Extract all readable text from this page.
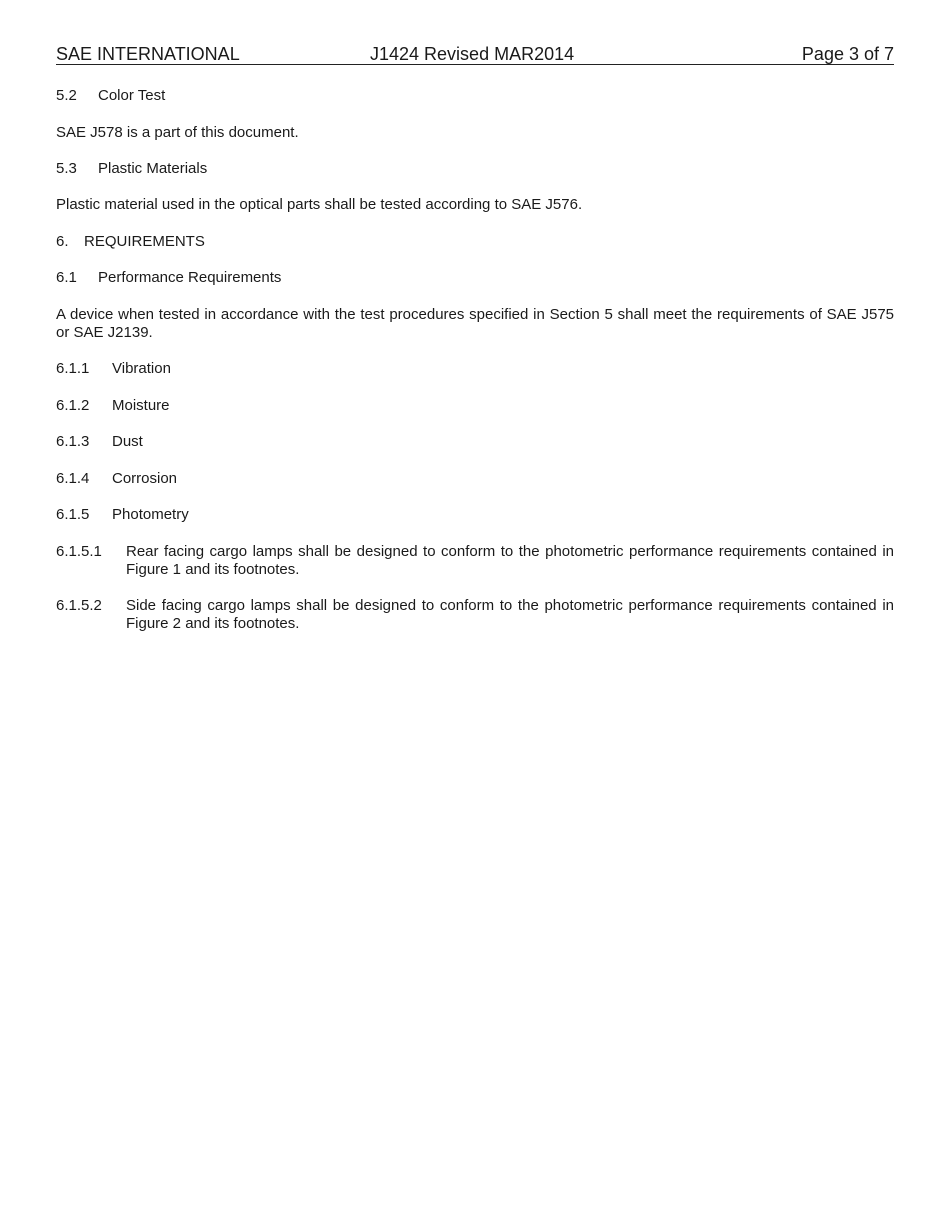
SAE INTERNATIONAL	J1424 Revised MAR2014	Page 3 of 7
5.2 Color Test
SAE J578 is a part of this document.
5.3 Plastic Materials
Plastic material used in the optical parts shall be tested according to SAE J576.
6. REQUIREMENTS
6.1 Performance Requirements
A device when tested in accordance with the test procedures specified in Section 5 shall meet the requirements of SAE J575 or SAE J2139.
6.1.1 Vibration
6.1.2 Moisture
6.1.3 Dust
6.1.4 Corrosion
6.1.5 Photometry
6.1.5.1 Rear facing cargo lamps shall be designed to conform to the photometric performance requirements contained in Figure 1 and its footnotes.
6.1.5.2 Side facing cargo lamps shall be designed to conform to the photometric performance requirements contained in Figure 2 and its footnotes.
